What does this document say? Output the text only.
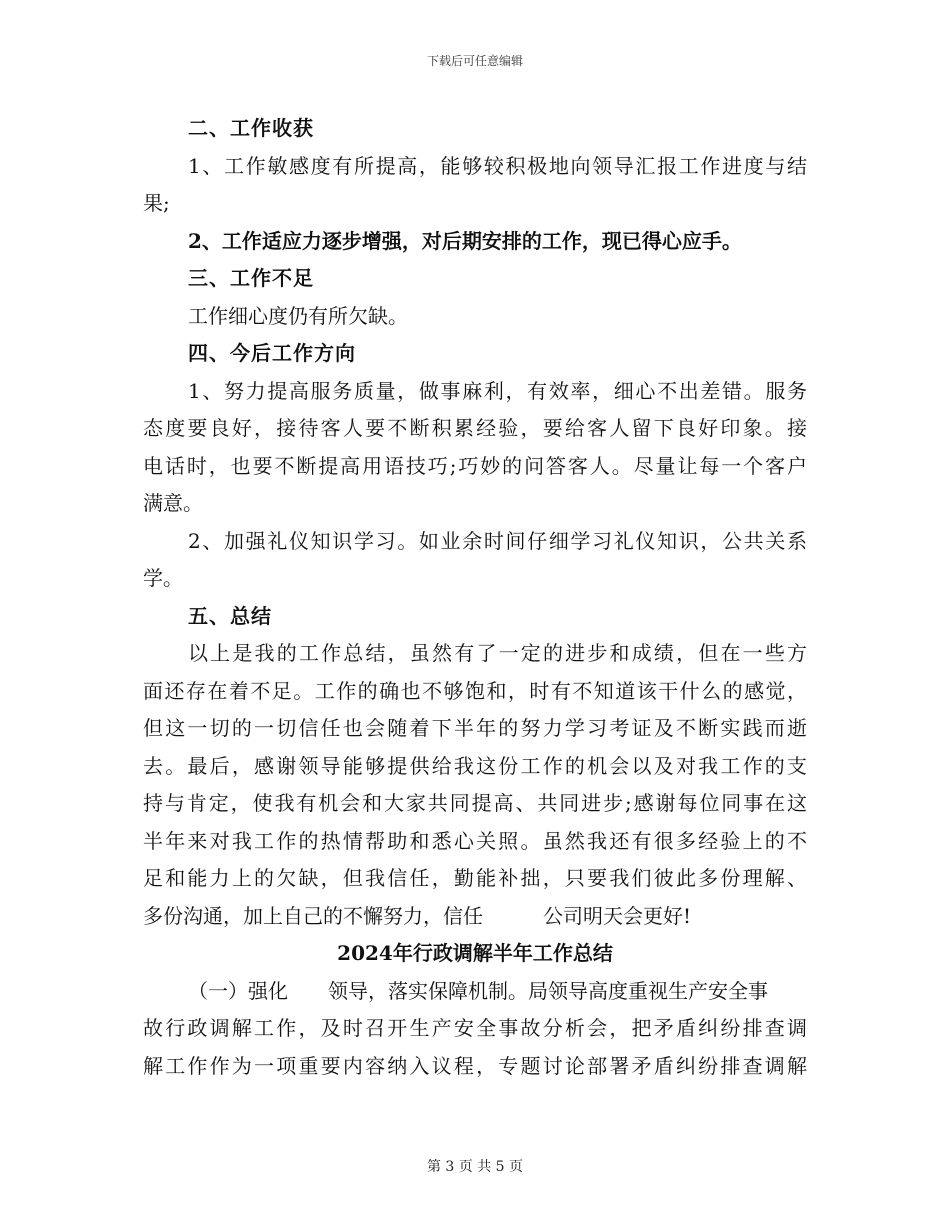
下载后可任意编辑
二、工作收获
1、工作敏感度有所提高，能够较积极地向领导汇报工作进度与结
果;
2、工作适应力逐步增强，对后期安排的工作，现已得心应手。
三、工作不足
工作细心度仍有所欠缺。
四、今后工作方向
1、努力提高服务质量，做事麻利，有效率，细心不出差错。服务
态度要良好，接待客人要不断积累经验，要给客人留下良好印象。接
电话时，也要不断提高用语技巧;巧妙的问答客人。尽量让每一个客户
满意。
2、加强礼仪知识学习。如业余时间仔细学习礼仪知识，公共关系
学。
五、总结
以上是我的工作总结，虽然有了一定的进步和成绩，但在一些方
面还存在着不足。工作的确也不够饱和，时有不知道该干什么的感觉，
但这一切的一切信任也会随着下半年的努力学习考证及不断实践而逝
去。最后，感谢领导能够提供给我这份工作的机会以及对我工作的支
持与肯定，使我有机会和大家共同提高、共同进步;感谢每位同事在这
半年来对我工作的热情帮助和悉心关照。虽然我还有很多经验上的不
足和能力上的欠缺，但我信任，勤能补拙，只要我们彼此多份理解、
多份沟通，加上自己的不懈努力，信任	公司明天会更好!
2024年行政调解半年工作总结
（一）强化 领导，落实保障机制。局领导高度重视生产安全事
故行政调解工作，及时召开生产安全事故分析会，把矛盾纠纷排查调
解工作作为一项重要内容纳入议程，专题讨论部署矛盾纠纷排查调解
第 3 页 共 5 页
